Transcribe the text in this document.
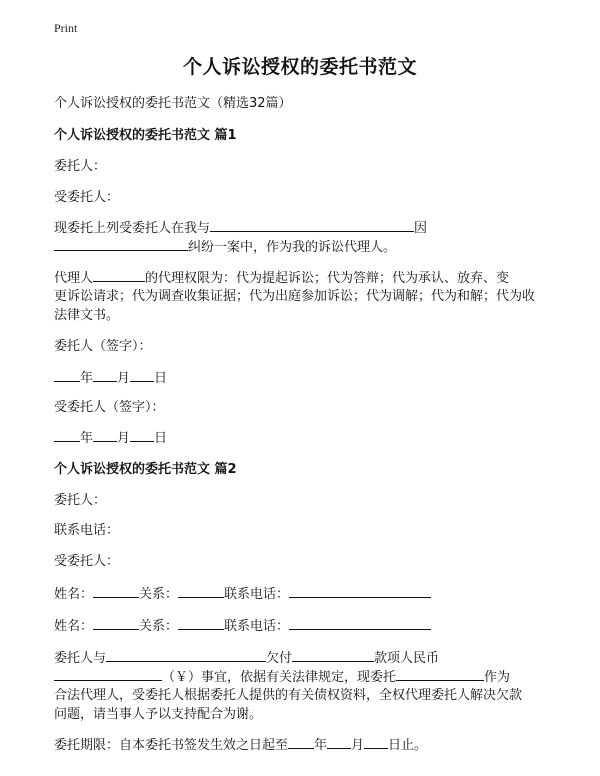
Print
个人诉讼授权的委托书范文
个人诉讼授权的委托书范文（精选32篇）
个人诉讼授权的委托书范文 篇1
委托人：
受委托人：
现委托上列受委托人在我与	因
纠纷一案中，作为我的诉讼代理人。
代理人	的代理权限为：代为提起诉讼；代为答辩；代为承认、放弃、变
更诉讼请求；代为调查收集证据；代为出庭参加诉讼；代为调解；代为和解；代为收
法律文书。
委托人（签字）：
年 月 日
受委托人（签字）：
年 月 日
个人诉讼授权的委托书范文 篇2
委托人：
联系电话：
受委托人：
姓名：	关系：	联系电话：
姓名：	关系：	联系电话：
委托人与	欠付	款项人民币
（￥）事宜，依据有关法律规定，现委托	作为
合法代理人，受委托人根据委托人提供的有关债权资料，全权代理委托人解决欠款
问题，请当事人予以支持配合为谢。
委托期限：自本委托书签发生效之日起至 年 月 日止。
